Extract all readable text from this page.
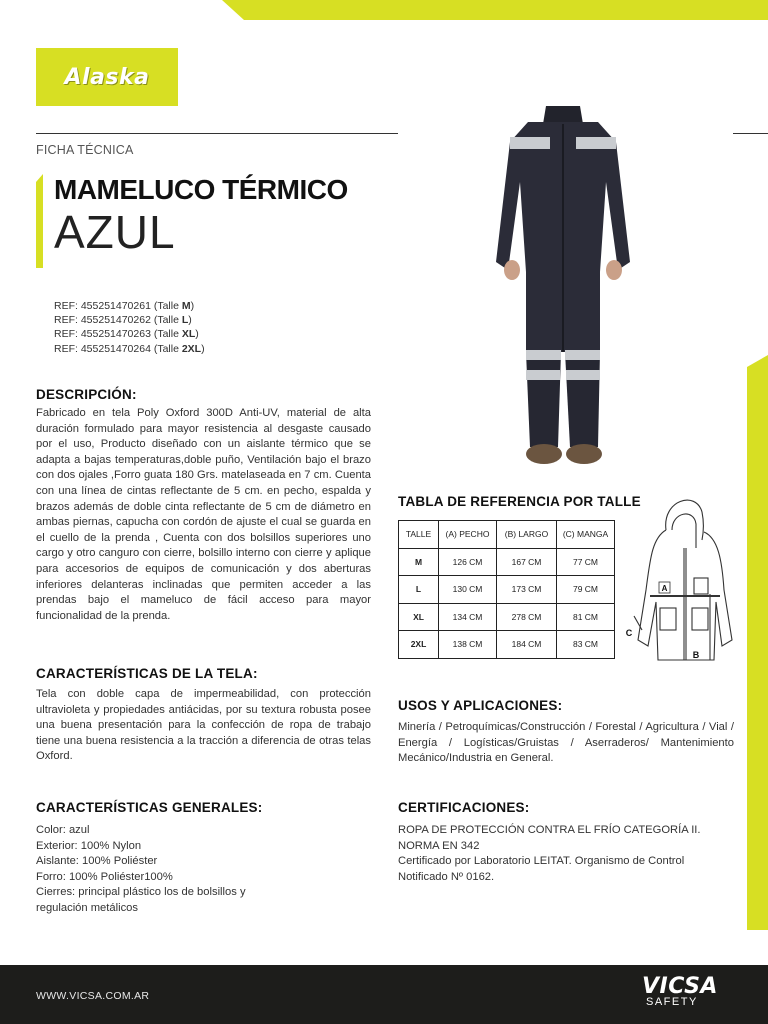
Alaska
FICHA TÉCNICA
MAMELUCO TÉRMICO
AZUL
REF: 455251470261 (Talle M)
REF: 455251470262 (Talle L)
REF: 455251470263 (Talle XL)
REF: 455251470264 (Talle 2XL)
DESCRIPCIÓN:
Fabricado en tela Poly Oxford 300D Anti-UV, material de alta duración formulado para mayor resistencia al desgaste causado por el uso, Producto diseñado con un aislante térmico que se adapta a bajas temperaturas,doble puño, Ventilación bajo el brazo con dos ojales ,Forro guata 180 Grs. matelaseada en 7 cm. Cuenta con una línea de cintas reflectante de 5 cm. en pecho, espalda y brazos además de doble cinta reflectante de 5 cm de diámetro en ambas piernas, capucha con cordón de ajuste el cual se guarda en el cuello de la prenda , Cuenta con dos bolsillos superiores uno cargo y otro canguro con cierre, bolsillo interno con cierre y aplique para accesorios de equipos de comunicación y dos aberturas inferiores delanteras inclinadas que permiten acceder a las prendas bajo el mameluco de fácil acceso para mayor funcionalidad de la prenda.
CARACTERÍSTICAS DE LA TELA:
Tela con doble capa de impermeabilidad, con protección ultravioleta y propiedades antiácidas, por su textura robusta posee una buena presentación para la confección de ropa de trabajo tiene una buena resistencia a la tracción a diferencia de otras telas Oxford.
CARACTERÍSTICAS GENERALES:
Color: azul
Exterior: 100% Nylon
Aislante: 100% Poliéster
Forro: 100% Poliéster100%
Cierres: principal plástico los de bolsillos y
regulación metálicos
TABLA DE REFERENCIA POR TALLE
TALLE	(A) PECHO	(B) LARGO	(C) MANGA
M	126 CM	167 CM	77 CM
L	130 CM	173 CM	79 CM
XL	134 CM	278 CM	81 CM
2XL	138 CM	184 CM	83 CM
A
B
C
USOS Y APLICACIONES:
Minería / Petroquímicas/Construcción / Forestal / Agricultura / Vial / Energía / Logísticas/Gruistas / Aserraderos/ Mantenimiento Mecánico/Industria en General.
CERTIFICACIONES:
ROPA DE PROTECCIÓN CONTRA EL FRÍO CATEGORÍA II.
NORMA EN 342
Certificado por Laboratorio LEITAT. Organismo de Control
Notificado Nº 0162.
WWW.VICSA.COM.AR	VICSA
SAFETY
